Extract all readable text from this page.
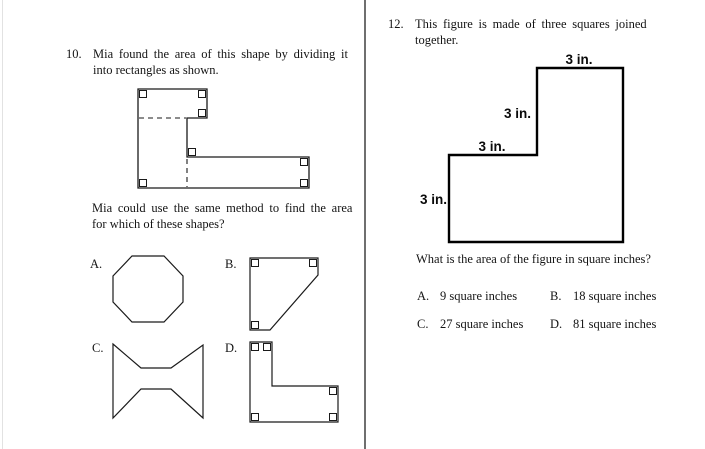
10. Mia found the area of this shape by dividing it
into rectangles as shown.
Mia could use the same method to find the area
for which of these shapes?
A.	B.
C.	D.
12. This figure is made of three squares joined
together.
3 in.
3 in.
3 in.
3 in.
What is the area of the figure in square inches?
A. 9 square inches	B. 18 square inches
C. 27 square inches D. 81 square inches
